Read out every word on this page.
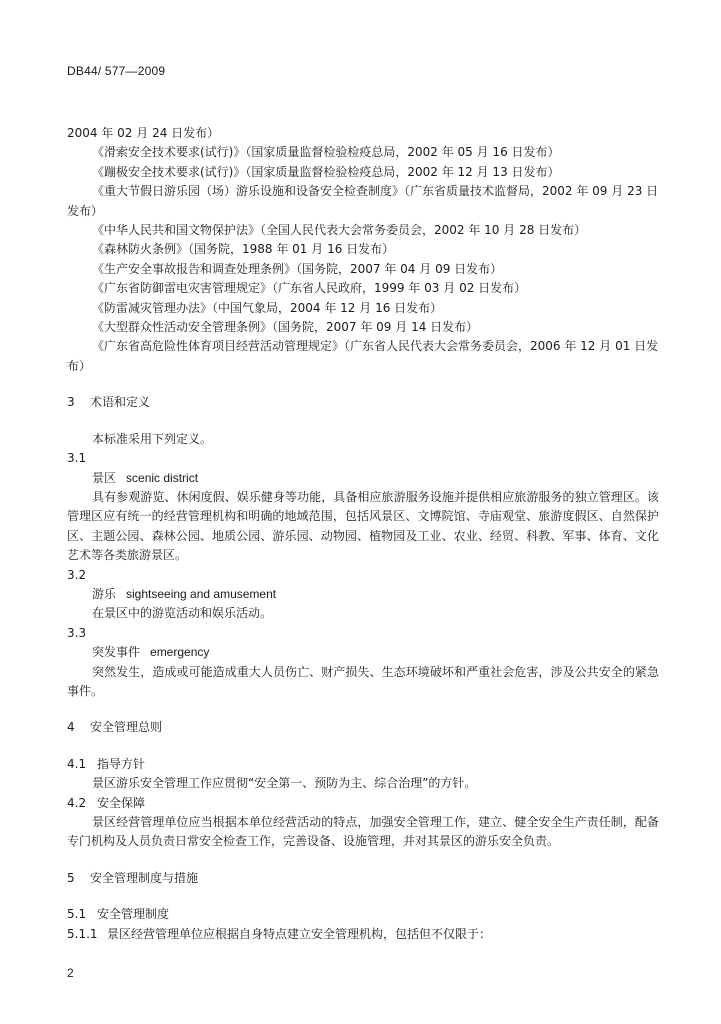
DB44/ 577—2009
2004 年 02 月 24 日发布）
《滑索安全技术要求(试行)》（国家质量监督检验检疫总局，2002 年 05 月 16 日发布）
《蹦极安全技术要求(试行)》（国家质量监督检验检疫总局，2002 年 12 月 13 日发布）
《重大节假日游乐园（场）游乐设施和设备安全检查制度》（广东省质量技术监督局，2002 年 09 月 23 日发布）
《中华人民共和国文物保护法》（全国人民代表大会常务委员会，2002 年 10 月 28 日发布）
《森林防火条例》（国务院，1988 年 01 月 16 日发布）
《生产安全事故报告和调查处理条例》（国务院，2007 年 04 月 09 日发布）
《广东省防御雷电灾害管理规定》（广东省人民政府，1999 年 03 月 02 日发布）
《防雷减灾管理办法》（中国气象局，2004 年 12 月 16 日发布）
《大型群众性活动安全管理条例》（国务院，2007 年 09 月 14 日发布）
《广东省高危险性体育项目经营活动管理规定》（广东省人民代表大会常务委员会，2006 年 12 月 01 日发布）
3 术语和定义
本标准采用下列定义。
3.1
景区 scenic district
具有参观游览、休闲度假、娱乐健身等功能，具备相应旅游服务设施并提供相应旅游服务的独立管理区。该管理区应有统一的经营管理机构和明确的地域范围，包括风景区、文博院馆、寺庙观堂、旅游度假区、自然保护区、主题公园、森林公园、地质公园、游乐园、动物园、植物园及工业、农业、经贸、科教、军事、体育、文化艺术等各类旅游景区。
3.2
游乐 sightseeing and amusement
在景区中的游览活动和娱乐活动。
3.3
突发事件 emergency
突然发生，造成或可能造成重大人员伤亡、财产损失、生态环境破坏和严重社会危害，涉及公共安全的紧急事件。
4 安全管理总则
4.1 指导方针
景区游乐安全管理工作应贯彻“安全第一、预防为主、综合治理”的方针。
4.2 安全保障
景区经营管理单位应当根据本单位经营活动的特点，加强安全管理工作，建立、健全安全生产责任制，配备专门机构及人员负责日常安全检查工作，完善设备、设施管理，并对其景区的游乐安全负责。
5 安全管理制度与措施
5.1 安全管理制度
5.1.1 景区经营管理单位应根据自身特点建立安全管理机构，包括但不仅限于：
2
